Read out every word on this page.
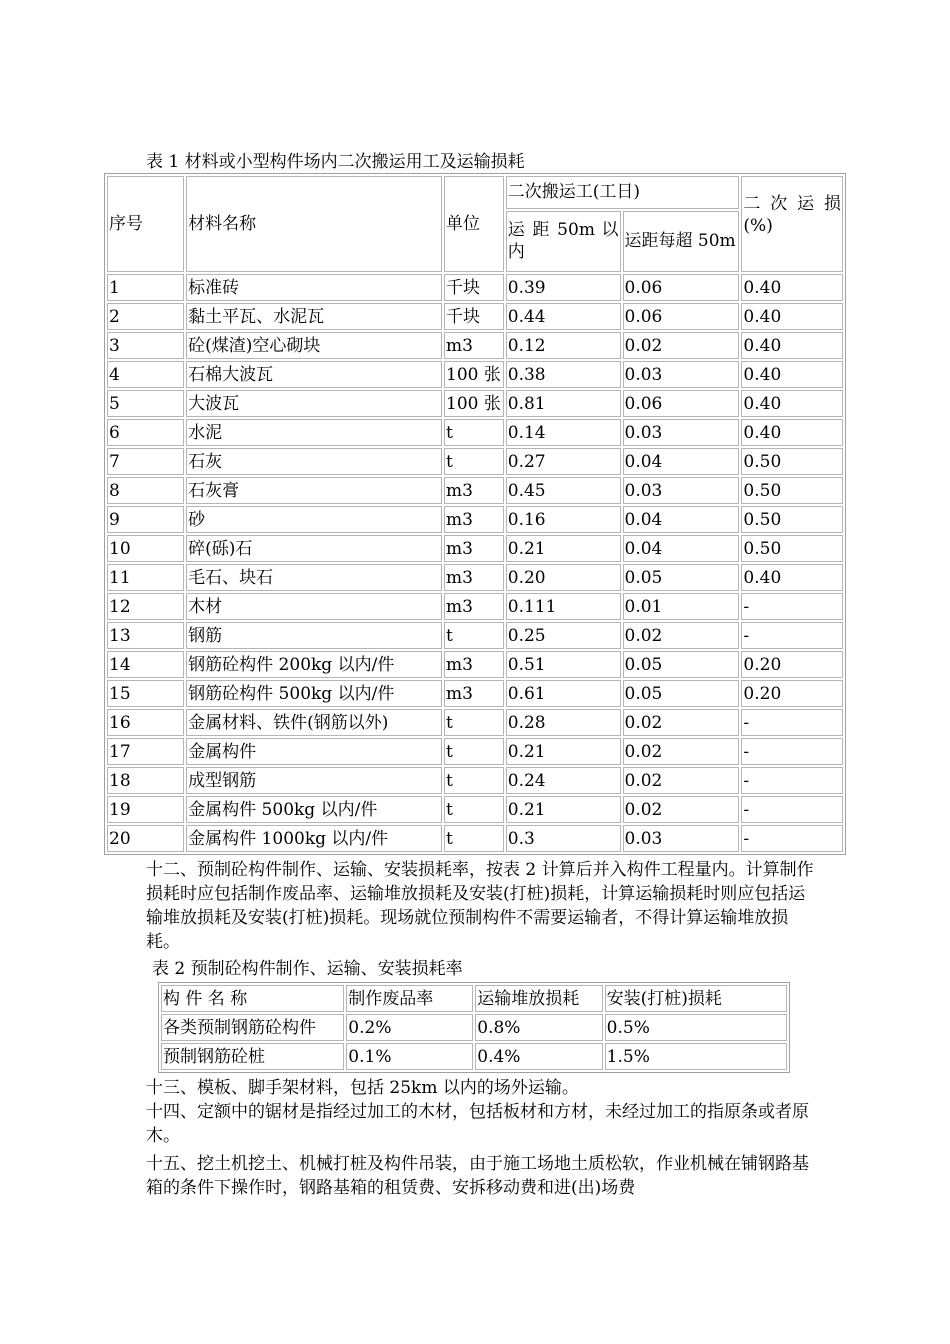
表 1 材料或小型构件场内二次搬运用工及运输损耗
序号	材料名称	单位	二次搬运工(工日)		二 次 运 损
(%)

			运 距 50m 以内	运距每超 50m	
1	标准砖	千块	0.39	0.06	0.40
2	黏土平瓦、水泥瓦	千块	0.44	0.06	0.40
3	砼(煤渣)空心砌块	m3	0.12	0.02	0.40
4	石棉大波瓦	100 张	0.38	0.03	0.40
5	大波瓦	100 张	0.81	0.06	0.40
6	水泥	t	0.14	0.03	0.40
7	石灰	t	0.27	0.04	0.50
8	石灰膏	m3	0.45	0.03	0.50
9	砂	m3	0.16	0.04	0.50
10	碎(砾)石	m3	0.21	0.04	0.50
11	毛石、块石	m3	0.20	0.05	0.40
12	木材	m3	0.111	0.01	-
13	钢筋	t	0.25	0.02	-
14	钢筋砼构件 200kg 以内/件	m3	0.51	0.05	0.20
15	钢筋砼构件 500kg 以内/件	m3	0.61	0.05	0.20
16	金属材料、铁件(钢筋以外)	t	0.28	0.02	-
17	金属构件	t	0.21	0.02	-
18	成型钢筋	t	0.24	0.02	-
19	金属构件 500kg 以内/件	t	0.21	0.02	-
20	金属构件 1000kg 以内/件	t	0.3	0.03	-
十二、预制砼构件制作、运输、安装损耗率，按表 2 计算后并入构件工程量内。计算制作损耗时应包括制作废品率、运输堆放损耗及安装(打桩)损耗，计算运输损耗时则应包括运输堆放损耗及安装(打桩)损耗。现场就位预制构件不需要运输者，不得计算运输堆放损耗。
表 2 预制砼构件制作、运输、安装损耗率
构 件 名 称	制作废品率	运输堆放损耗	安装(打桩)损耗
各类预制钢筋砼构件	0.2%	0.8%	0.5%
预制钢筋砼桩	0.1%	0.4%	1.5%
十三、模板、脚手架材料，包括 25km 以内的场外运输。
十四、定额中的锯材是指经过加工的木材，包括板材和方材，未经过加工的指原条或者原木。
十五、挖土机挖土、机械打桩及构件吊装，由于施工场地土质松软，作业机械在铺钢路基箱的条件下操作时，钢路基箱的租赁费、安拆移动费和进(出)场费
